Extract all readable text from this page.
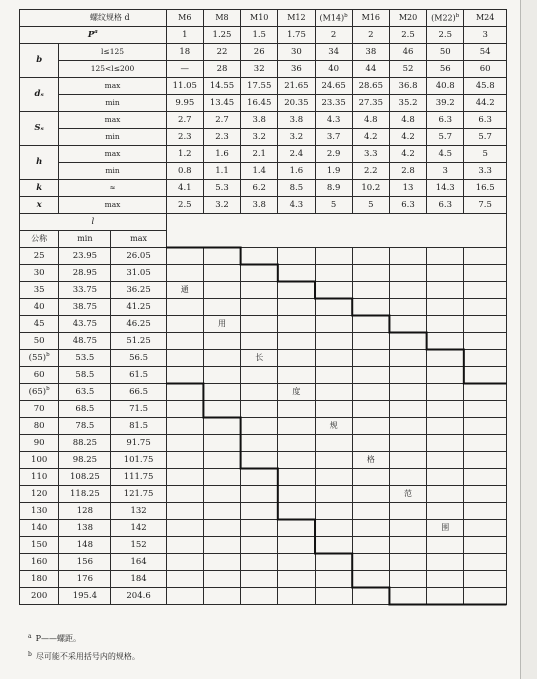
螺纹规格 d			M6	M8	M10	M12	$(M14)^b$	M16	M20	$(M22)^b$	M24
$P^a$			1	1.25	1.5	1.75	2	2	2.5	2.5	3
b	l≤125		18	22	26	30	34	38	46	50	54
	125<l≤200		—	28	32	36	40	44	52	56	60
dₛ	max		11.05	14.55	17.55	21.65	24.65	28.65	36.8	40.8	45.8
	min		9.95	13.45	16.45	20.35	23.35	27.35	35.2	39.2	44.2
Sₛ	max		2.7	2.7	3.8	3.8	4.3	4.8	4.8	6.3	6.3
	min		2.3	2.3	3.2	3.2	3.7	4.2	4.2	5.7	5.7
h	max		1.2	1.6	2.1	2.4	2.9	3.3	4.2	4.5	5
	min		0.8	1.1	1.4	1.6	1.9	2.2	2.8	3	3.3
k	≈		4.1	5.3	6.2	8.5	8.9	10.2	13	14.3	16.5
x	max		2.5	3.2	3.8	4.3	5	5	6.3	6.3	7.5
l											
公称	min	max									
25	23.95	26.05									
30	28.95	31.05									
35	33.75	36.25	通								
40	38.75	41.25									
45	43.75	46.25		用							
50	48.75	51.25									
$(55)^b$	53.5	56.5			长						
60	58.5	61.5									
$(65)^b$	63.5	66.5				度					
70	68.5	71.5									
80	78.5	81.5					规				
90	88.25	91.75									
100	98.25	101.75						格			
110	108.25	111.75									
120	118.25	121.75							范		
130	128	132									
140	138	142								围	
150	148	152									
160	156	164									
180	176	184									
200	195.4	204.6									
a P——螺距。
b 尽可能不采用括号内的规格。
